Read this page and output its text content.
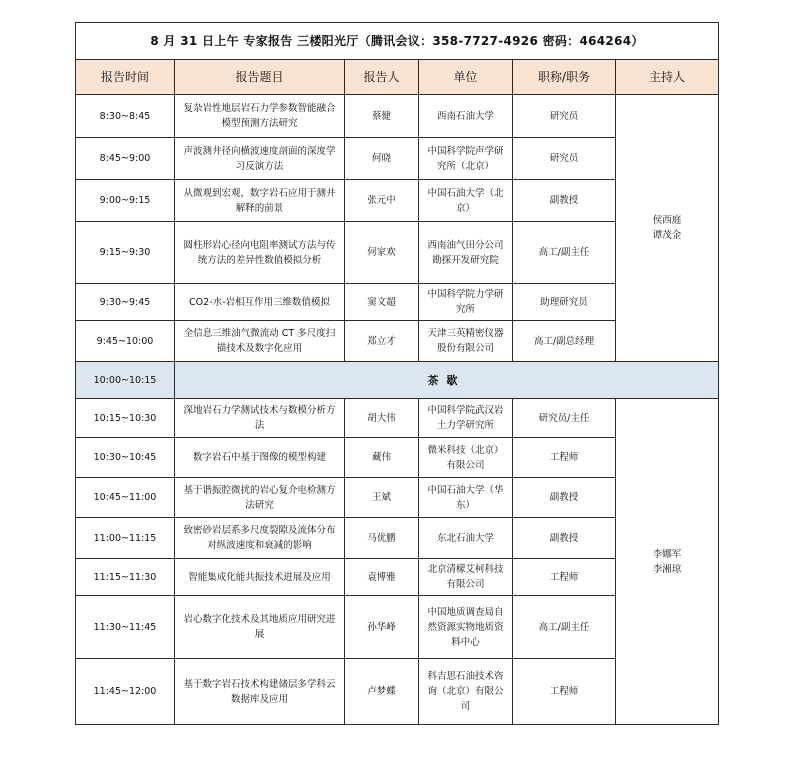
8 月 31 日上午 专家报告 三楼阳光厅（腾讯会议：358-7727-4926 密码：464264）					
报告时间	报告题目	报告人	单位	职称/职务	主持人
8:30~8:45	复杂岩性地层岩石力学参数智能融合模型预测方法研究	蔡健	西南石油大学	研究员	侯西庭
谭茂金

8:45~9:00	声波测井径向横波速度剖面的深度学习反演方法	何晓	中国科学院声学研究所（北京）	研究员	
9:00~9:15	从微观到宏观，数字岩石应用于测井解释的前景	张元中	中国石油大学（北京）	副教授	
9:15~9:30	圆柱形岩心径向电阻率测试方法与传统方法的差异性数值模拟分析	何家欢	西南油气田分公司勘探开发研究院	高工/副主任	
9:30~9:45	CO2-水-岩相互作用三维数值模拟	窦文超	中国科学院力学研究所	助理研究员	
9:45~10:00	全信息三维油气微流动 CT 多尺度扫描技术及数字化应用	郑立才	天津三英精密仪器股份有限公司	高工/副总经理	
10:00~10:15	茶歇				
10:15~10:30	深地岩石力学测试技术与数模分析方法	胡大伟	中国科学院武汉岩土力学研究所	研究员/主任	李娜军
李湘琼

10:30~10:45	数字岩石中基于图像的模型构建	藏伟	微米科技（北京）有限公司	工程师	
10:45~11:00	基于谐振腔微扰的岩心复介电检测方法研究	王斌	中国石油大学（华东）	副教授	
11:00~11:15	致密砂岩层系多尺度裂隙及流体分布对纵波速度和衰减的影响	马优鹏	东北石油大学	副教授	
11:15~11:30	智能集成化能共振技术进展及应用	袁博雅	北京清檬艾柯科技有限公司	工程师	
11:30~11:45	岩心数字化技术及其地质应用研究进展	孙华峰	中国地质调查局自然资源实物地质资料中心	高工/副主任	
11:45~12:00	基于数字岩石技术构建储层多学科云数据库及应用	卢梦蝶	科吉思石油技术咨询（北京）有限公司	工程师	
